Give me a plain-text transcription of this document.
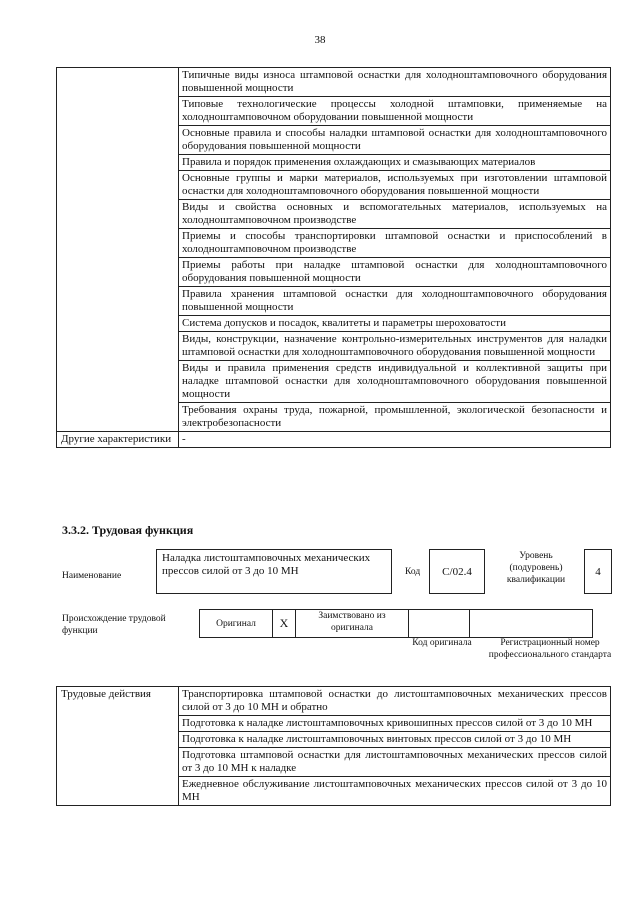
38
	Типичные виды износа штамповой оснастки для холодноштамповочного оборудования повышенной мощности
	Типовые технологические процессы холодной штамповки, применяемые на холодноштамповочном оборудовании повышенной мощности
	Основные правила и способы наладки штамповой оснастки для холодноштамповочного оборудования повышенной мощности
	Правила и порядок применения охлаждающих и смазывающих материалов
	Основные группы и марки материалов, используемых при изготовлении штамповой оснастки для холодноштамповочного оборудования повышенной мощности
	Виды и свойства основных и вспомогательных материалов, используемых на холодноштамповочном производстве
	Приемы и способы транспортировки штамповой оснастки и приспособлений в холодноштамповочном производстве
	Приемы работы при наладке штамповой оснастки для холодноштамповочного оборудования повышенной мощности
	Правила хранения штамповой оснастки для холодноштамповочного оборудования повышенной мощности
	Система допусков и посадок, квалитеты и параметры шероховатости
	Виды, конструкции, назначение контрольно-измерительных инструментов для наладки штамповой оснастки для холодноштамповочного оборудования повышенной мощности
	Виды и правила применения средств индивидуальной и коллективной защиты при наладке штамповой оснастки для холодноштамповочного оборудования повышенной мощности
	Требования охраны труда, пожарной, промышленной, экологической безопасности и электробезопасности
Другие характеристики	-
3.3.2. Трудовая функция
Наименование
Наладка листоштамповочных механических прессов силой от 3 до 10 МН	Код	C/02.4
Уровень (подуровень) квалификации
4
Происхождение трудовой функции
Оригинал	X	Заимствовано из оригинала		
Код оригинала	Регистрационный номер профессионального стандарта
Трудовые действия	Транспортировка штамповой оснастки до листоштамповочных механических прессов силой от 3 до 10 МН и обратно
Подготовка к наладке листоштамповочных кривошипных прессов силой от 3 до 10 МН
Подготовка к наладке листоштамповочных винтовых прессов силой от 3 до 10 МН
Подготовка штамповой оснастки для листоштамповочных механических прессов силой от 3 до 10 МН к наладке
Ежедневное обслуживание листоштамповочных механических прессов силой от 3 до 10 МН
